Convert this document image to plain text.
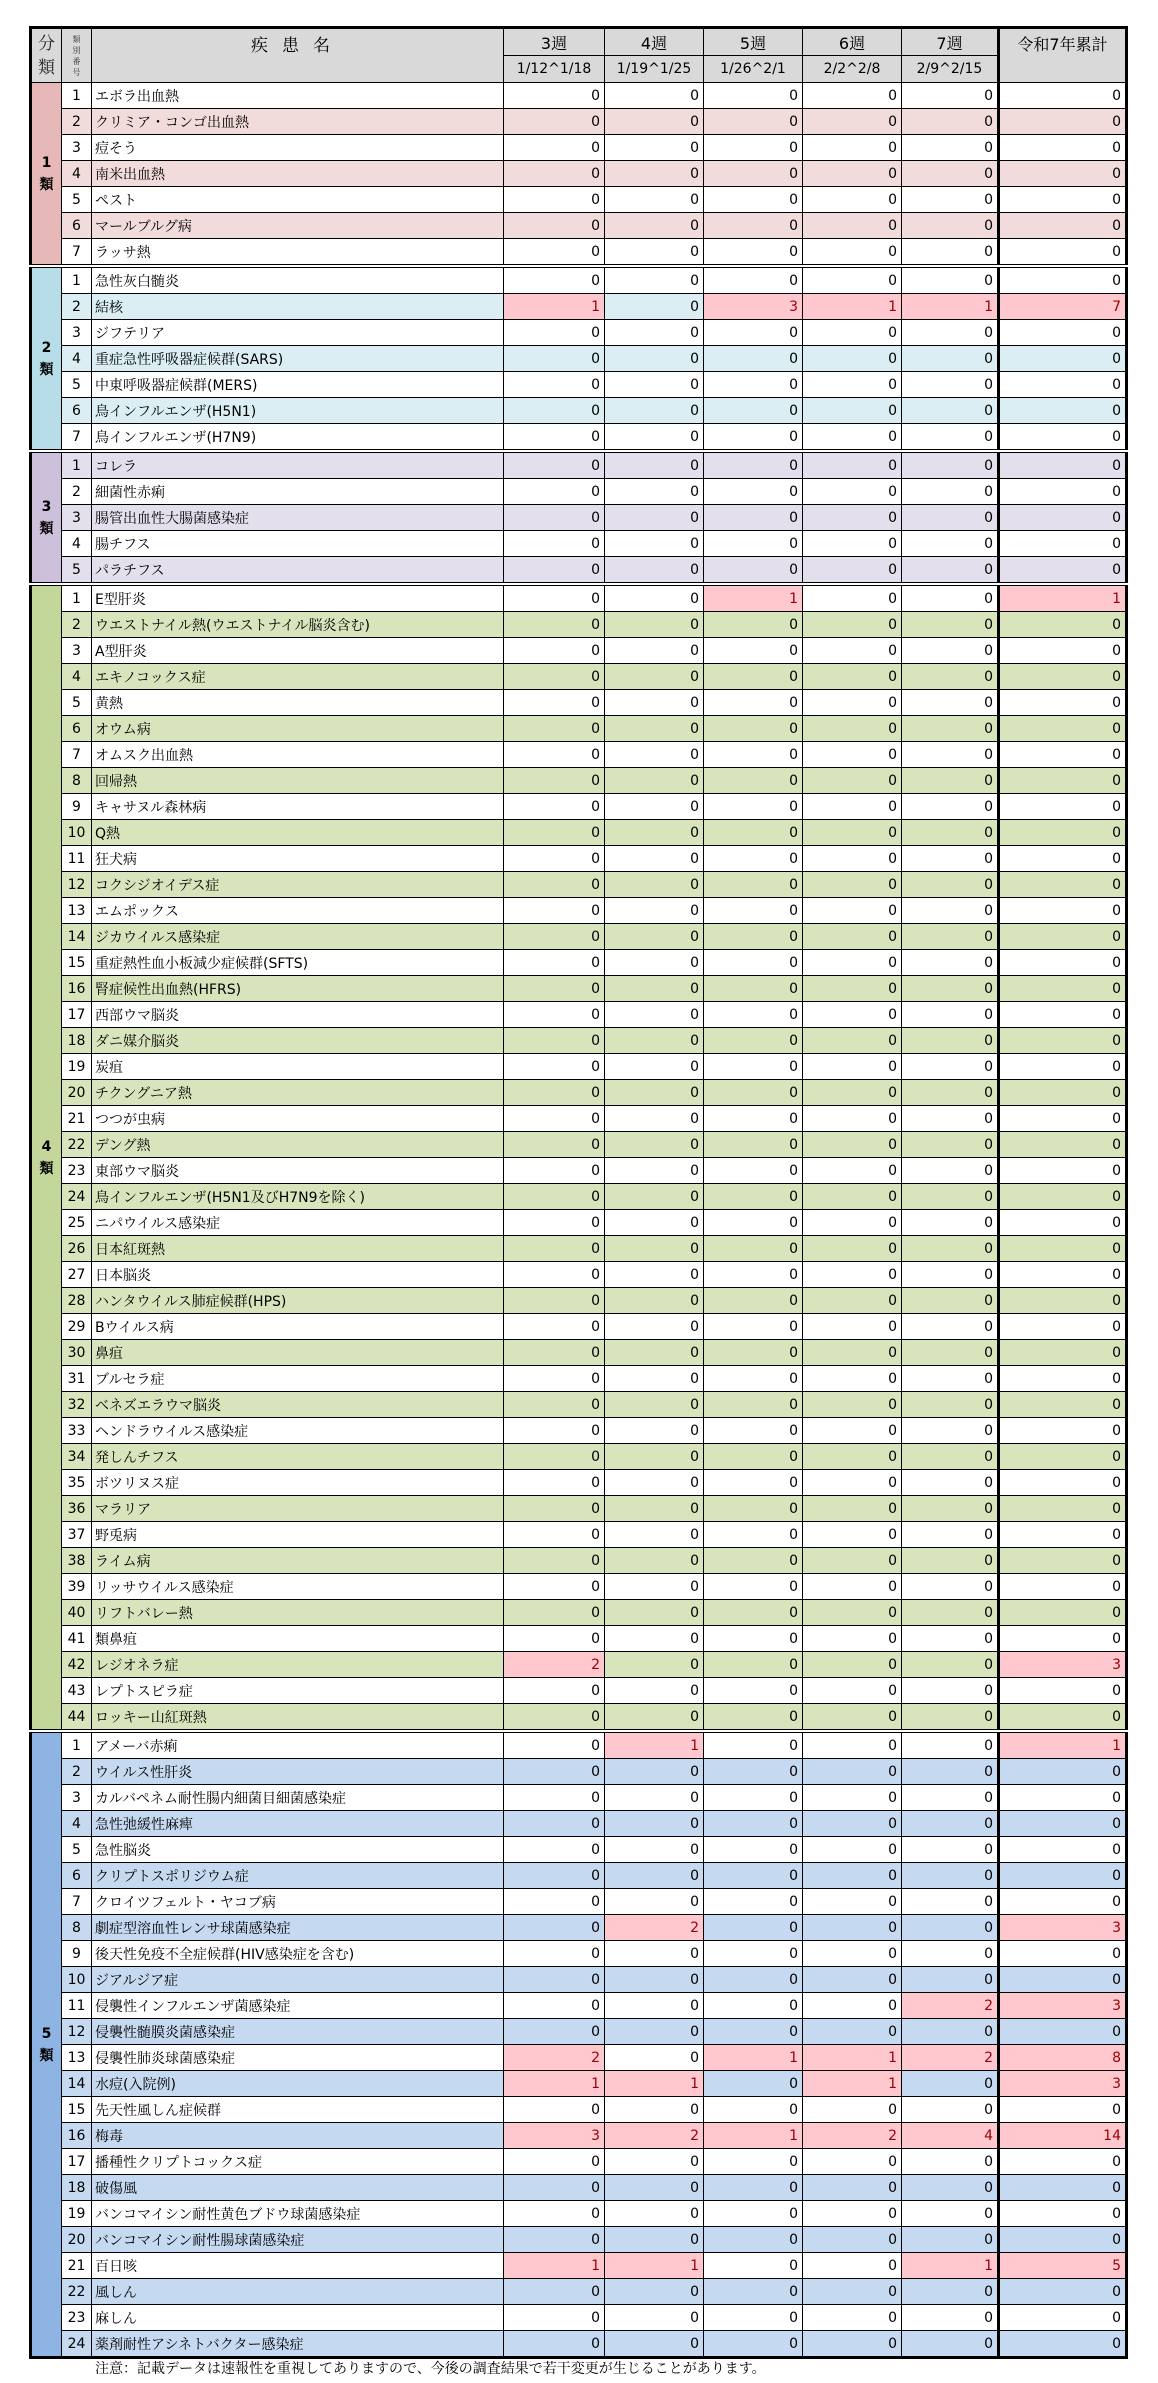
分
類

類
別
番
号
	疾患名	3週	4週	5週	6週	7週	令和7年累計
			1/12^1/18	1/19^1/25	1/26^2/1	2/2^2/8	2/9^2/15	

1
類	1	エボラ出血熱	0	0	0	0	0	0
	2	クリミア・コンゴ出血熱	0	0	0	0	0	0
	3	痘そう	0	0	0	0	0	0
	4	南米出血熱	0	0	0	0	0	0
	5	ペスト	0	0	0	0	0	0
	6	マールブルグ病	0	0	0	0	0	0
	7	ラッサ熱	0	0	0	0	0	0

2
類	1	急性灰白髄炎	0	0	0	0	0	0
	2	結核	1	0	3	1	1	7
	3	ジフテリア	0	0	0	0	0	0
	4	重症急性呼吸器症候群(SARS)	0	0	0	0	0	0
	5	中東呼吸器症候群(MERS)	0	0	0	0	0	0
	6	鳥インフルエンザ(H5N1)	0	0	0	0	0	0
	7	鳥インフルエンザ(H7N9)	0	0	0	0	0	0

3
類	1	コレラ	0	0	0	0	0	0
	2	細菌性赤痢	0	0	0	0	0	0
	3	腸管出血性大腸菌感染症	0	0	0	0	0	0
	4	腸チフス	0	0	0	0	0	0
	5	パラチフス	0	0	0	0	0	0

4
類	1	E型肝炎	0	0	1	0	0	1
	2	ウエストナイル熱(ウエストナイル脳炎含む)	0	0	0	0	0	0
	3	A型肝炎	0	0	0	0	0	0
	4	エキノコックス症	0	0	0	0	0	0
	5	黄熱	0	0	0	0	0	0
	6	オウム病	0	0	0	0	0	0
	7	オムスク出血熱	0	0	0	0	0	0
	8	回帰熱	0	0	0	0	0	0
	9	キャサヌル森林病	0	0	0	0	0	0
	10	Q熱	0	0	0	0	0	0
	11	狂犬病	0	0	0	0	0	0
	12	コクシジオイデス症	0	0	0	0	0	0
	13	エムポックス	0	0	0	0	0	0
	14	ジカウイルス感染症	0	0	0	0	0	0
	15	重症熱性血小板減少症候群(SFTS)	0	0	0	0	0	0
	16	腎症候性出血熱(HFRS)	0	0	0	0	0	0
	17	西部ウマ脳炎	0	0	0	0	0	0
	18	ダニ媒介脳炎	0	0	0	0	0	0
	19	炭疽	0	0	0	0	0	0
	20	チクングニア熱	0	0	0	0	0	0
	21	つつが虫病	0	0	0	0	0	0
	22	デング熱	0	0	0	0	0	0
	23	東部ウマ脳炎	0	0	0	0	0	0
	24	鳥インフルエンザ(H5N1及びH7N9を除く)	0	0	0	0	0	0
	25	ニパウイルス感染症	0	0	0	0	0	0
	26	日本紅斑熱	0	0	0	0	0	0
	27	日本脳炎	0	0	0	0	0	0
	28	ハンタウイルス肺症候群(HPS)	0	0	0	0	0	0
	29	Bウイルス病	0	0	0	0	0	0
	30	鼻疽	0	0	0	0	0	0
	31	ブルセラ症	0	0	0	0	0	0
	32	ベネズエラウマ脳炎	0	0	0	0	0	0
	33	ヘンドラウイルス感染症	0	0	0	0	0	0
	34	発しんチフス	0	0	0	0	0	0
	35	ボツリヌス症	0	0	0	0	0	0
	36	マラリア	0	0	0	0	0	0
	37	野兎病	0	0	0	0	0	0
	38	ライム病	0	0	0	0	0	0
	39	リッサウイルス感染症	0	0	0	0	0	0
	40	リフトバレー熱	0	0	0	0	0	0
	41	類鼻疽	0	0	0	0	0	0
	42	レジオネラ症	2	0	0	0	0	3
	43	レプトスピラ症	0	0	0	0	0	0
	44	ロッキー山紅斑熱	0	0	0	0	0	0

5
類	1	アメーバ赤痢	0	1	0	0	0	1
	2	ウイルス性肝炎	0	0	0	0	0	0
	3	カルバペネム耐性腸内細菌目細菌感染症	0	0	0	0	0	0
	4	急性弛緩性麻痺	0	0	0	0	0	0
	5	急性脳炎	0	0	0	0	0	0
	6	クリプトスポリジウム症	0	0	0	0	0	0
	7	クロイツフェルト・ヤコブ病	0	0	0	0	0	0
	8	劇症型溶血性レンサ球菌感染症	0	2	0	0	0	3
	9	後天性免疫不全症候群(HIV感染症を含む)	0	0	0	0	0	0
	10	ジアルジア症	0	0	0	0	0	0
	11	侵襲性インフルエンザ菌感染症	0	0	0	0	2	3
	12	侵襲性髄膜炎菌感染症	0	0	0	0	0	0
	13	侵襲性肺炎球菌感染症	2	0	1	1	2	8
	14	水痘(入院例)	1	1	0	1	0	3
	15	先天性風しん症候群	0	0	0	0	0	0
	16	梅毒	3	2	1	2	4	14
	17	播種性クリプトコックス症	0	0	0	0	0	0
	18	破傷風	0	0	0	0	0	0
	19	バンコマイシン耐性黄色ブドウ球菌感染症	0	0	0	0	0	0
	20	バンコマイシン耐性腸球菌感染症	0	0	0	0	0	0
	21	百日咳	1	1	0	0	1	5
	22	風しん	0	0	0	0	0	0
	23	麻しん	0	0	0	0	0	0
	24	薬剤耐性アシネトバクター感染症	0	0	0	0	0	0
注意：記載データは速報性を重視してありますので、今後の調査結果で若干変更が生じることがあります。
